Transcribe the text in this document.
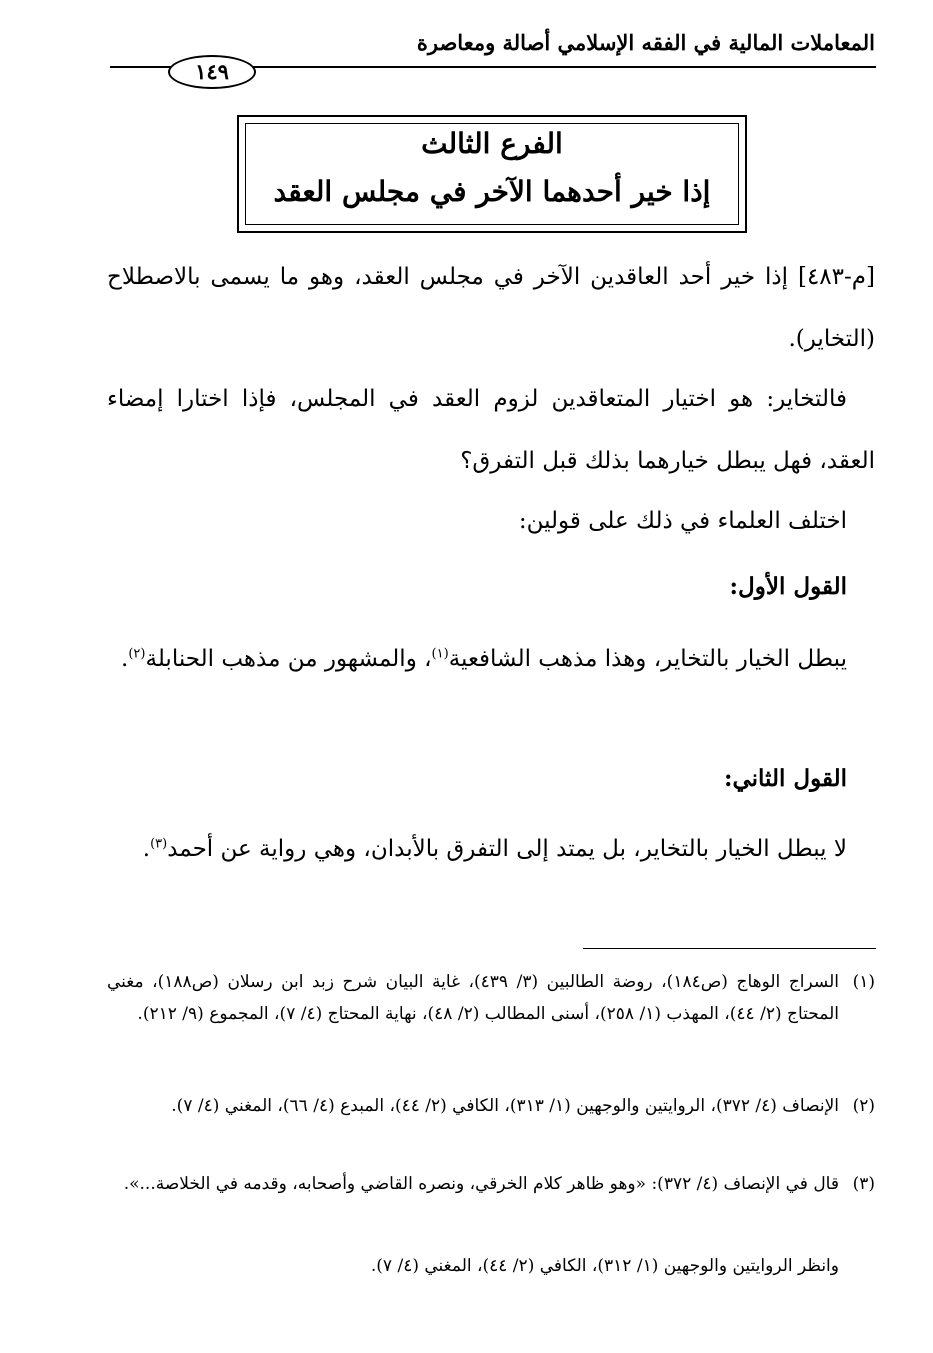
المعاملات المالية في الفقه الإسلامي أصالة ومعاصرة
١٤٩
الفرع الثالث
إذا خير أحدهما الآخر في مجلس العقد
[م-٤٨٣] إذا خير أحد العاقدين الآخر في مجلس العقد، وهو ما يسمى بالاصطلاح (التخاير).
فالتخاير: هو اختيار المتعاقدين لزوم العقد في المجلس، فإذا اختارا إمضاء العقد، فهل يبطل خيارهما بذلك قبل التفرق؟
اختلف العلماء في ذلك على قولين:
القول الأول:
يبطل الخيار بالتخاير، وهذا مذهب الشافعية$^{(١)}$، والمشهور من مذهب الحنابلة$^{(٢)}$.
القول الثاني:
لا يبطل الخيار بالتخاير، بل يمتد إلى التفرق بالأبدان، وهي رواية عن أحمد$^{(٣)}$.
(١)
السراج الوهاج (ص١٨٤)، روضة الطالبين (٣/ ٤٣٩)، غاية البيان شرح زبد ابن رسلان (ص١٨٨)، مغني المحتاج (٢/ ٤٤)، المهذب (١/ ٢٥٨)، أسنى المطالب (٢/ ٤٨)، نهاية المحتاج (٤/ ٧)، المجموع (٩/ ٢١٢).
(٢)
الإنصاف (٤/ ٣٧٢)، الروايتين والوجهين (١/ ٣١٣)، الكافي (٢/ ٤٤)، المبدع (٤/ ٦٦)، المغني (٤/ ٧).
(٣)
قال في الإنصاف (٤/ ٣٧٢): «وهو ظاهر كلام الخرقي، ونصره القاضي وأصحابه، وقدمه في الخلاصة...».
وانظر الروايتين والوجهين (١/ ٣١٢)، الكافي (٢/ ٤٤)، المغني (٤/ ٧).
